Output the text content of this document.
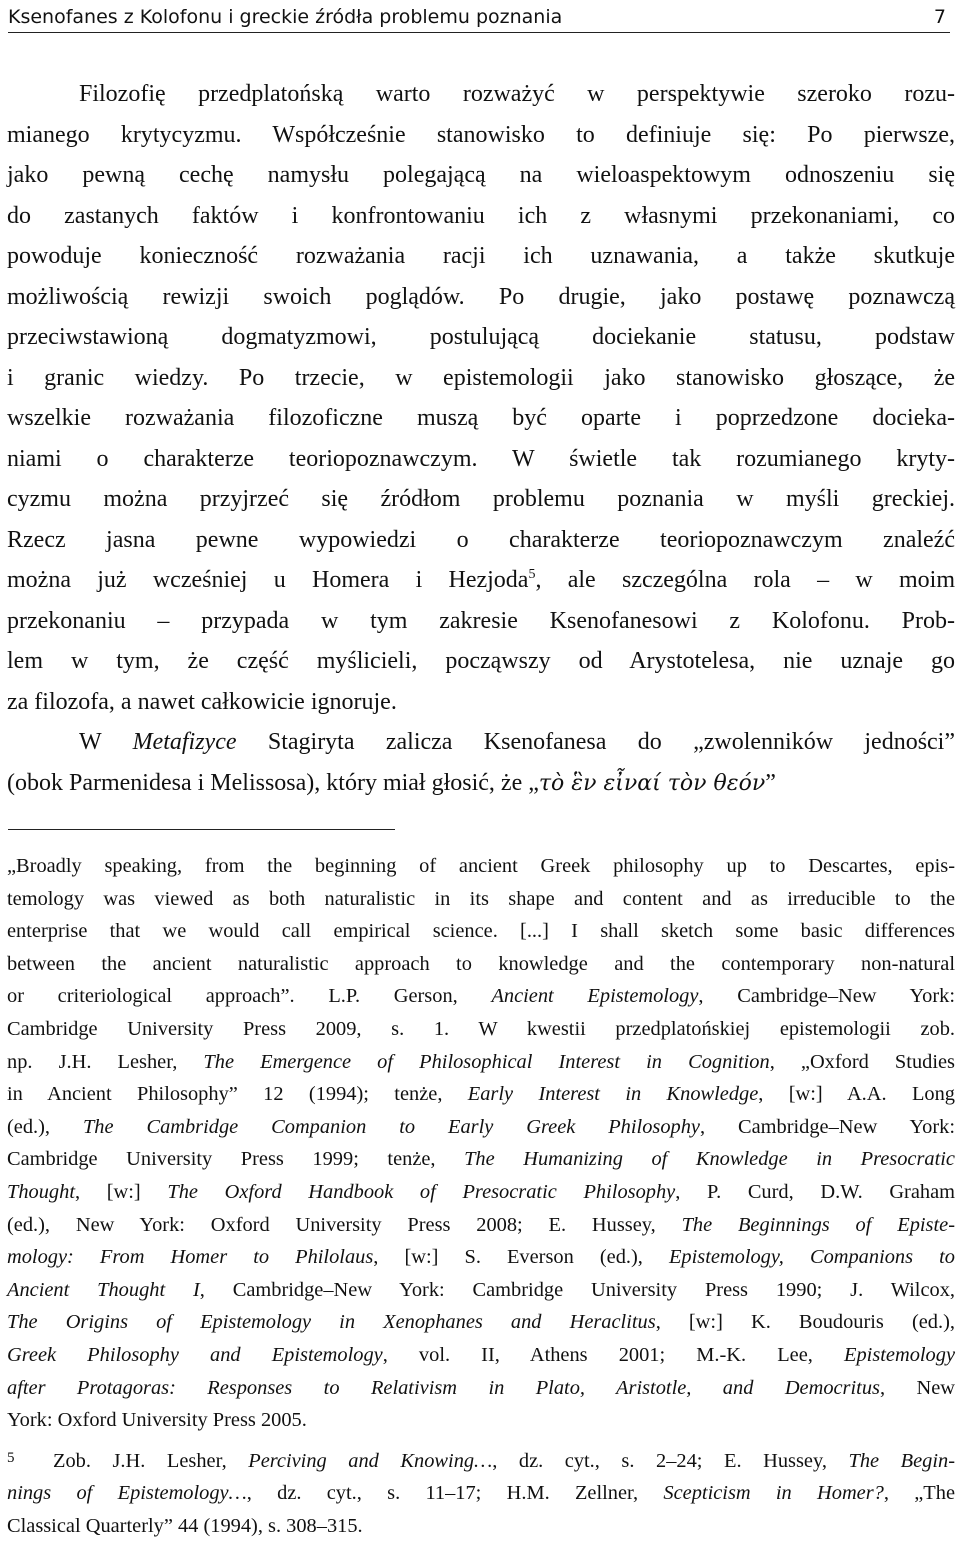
Ksenofanes z Kolofonu i greckie źródła problemu poznania	7

Filozofię przedplatońską warto rozważyć w perspektywie szeroko rozu-

mianego krytycyzmu. Współcześnie stanowisko to definiuje się: Po pierwsze,

jako pewną cechę namysłu polegającą na wieloaspektowym odnoszeniu się

do zastanych faktów i konfrontowaniu ich z własnymi przekonaniami, co

powoduje konieczność rozważania racji ich uznawania, a także skutkuje

możliwością rewizji swoich poglądów. Po drugie, jako postawę poznawczą

przeciwstawioną dogmatyzmowi, postulującą dociekanie statusu, podstaw

i granic wiedzy. Po trzecie, w epistemologii jako stanowisko głoszące, że

wszelkie rozważania filozoficzne muszą być oparte i poprzedzone docieka-

niami o charakterze teoriopoznawczym. W świetle tak rozumianego kryty-

cyzmu można przyjrzeć się źródłom problemu poznania w myśli greckiej.

Rzecz jasna pewne wypowiedzi o charakterze teoriopoznawczym znaleźć

można już wcześniej u Homera i Hezjoda$^5$, ale szczególna rola – w moim

przekonaniu – przypada w tym zakresie Ksenofanesowi z Kolofonu. Prob-

lem w tym, że część myślicieli, począwszy od Arystotelesa, nie uznaje go

za filozofa, a nawet całkowicie ignoruje.

W Metafizyce Stagiryta zalicza Ksenofanesa do „zwolenników jedności”

(obok Parmenidesa i Melissosa), który miał głosić, że „τὸ ἓν εἶναί τὸν θεόν”

„Broadly speaking, from the beginning of ancient Greek philosophy up to Descartes, epis-

temology was viewed as both naturalistic in its shape and content and as irreducible to the

enterprise that we would call empirical science. [...] I shall sketch some basic differences

between the ancient naturalistic approach to knowledge and the contemporary non-natural

or criteriological approach”. L.P. Gerson, Ancient Epistemology, Cambridge–New York:

Cambridge University Press 2009, s. 1. W kwestii przedplatońskiej epistemologii zob.

np. J.H. Lesher, The Emergence of Philosophical Interest in Cognition, „Oxford Studies

in Ancient Philosophy” 12 (1994); tenże, Early Interest in Knowledge, [w:] A.A. Long

(ed.), The Cambridge Companion to Early Greek Philosophy, Cambridge–New York:

Cambridge University Press 1999; tenże, The Humanizing of Knowledge in Presocratic

Thought, [w:] The Oxford Handbook of Presocratic Philosophy, P. Curd, D.W. Graham

(ed.), New York: Oxford University Press 2008; E. Hussey, The Beginnings of Episte-

mology: From Homer to Philolaus, [w:] S. Everson (ed.), Epistemology, Companions to

Ancient Thought I, Cambridge–New York: Cambridge University Press 1990; J. Wilcox,

The Origins of Epistemology in Xenophanes and Heraclitus, [w:] K. Boudouris (ed.),

Greek Philosophy and Epistemology, vol. II, Athens 2001; M.-K. Lee, Epistemology

after Protagoras: Responses to Relativism in Plato, Aristotle, and Democritus, New

York: Oxford University Press 2005.

5 Zob. J.H. Lesher, Perciving and Knowing…, dz. cyt., s. 2–24; E. Hussey, The Begin-

nings of Epistemology…, dz. cyt., s. 11–17; H.M. Zellner, Scepticism in Homer?, „The

Classical Quarterly” 44 (1994), s. 308–315.
